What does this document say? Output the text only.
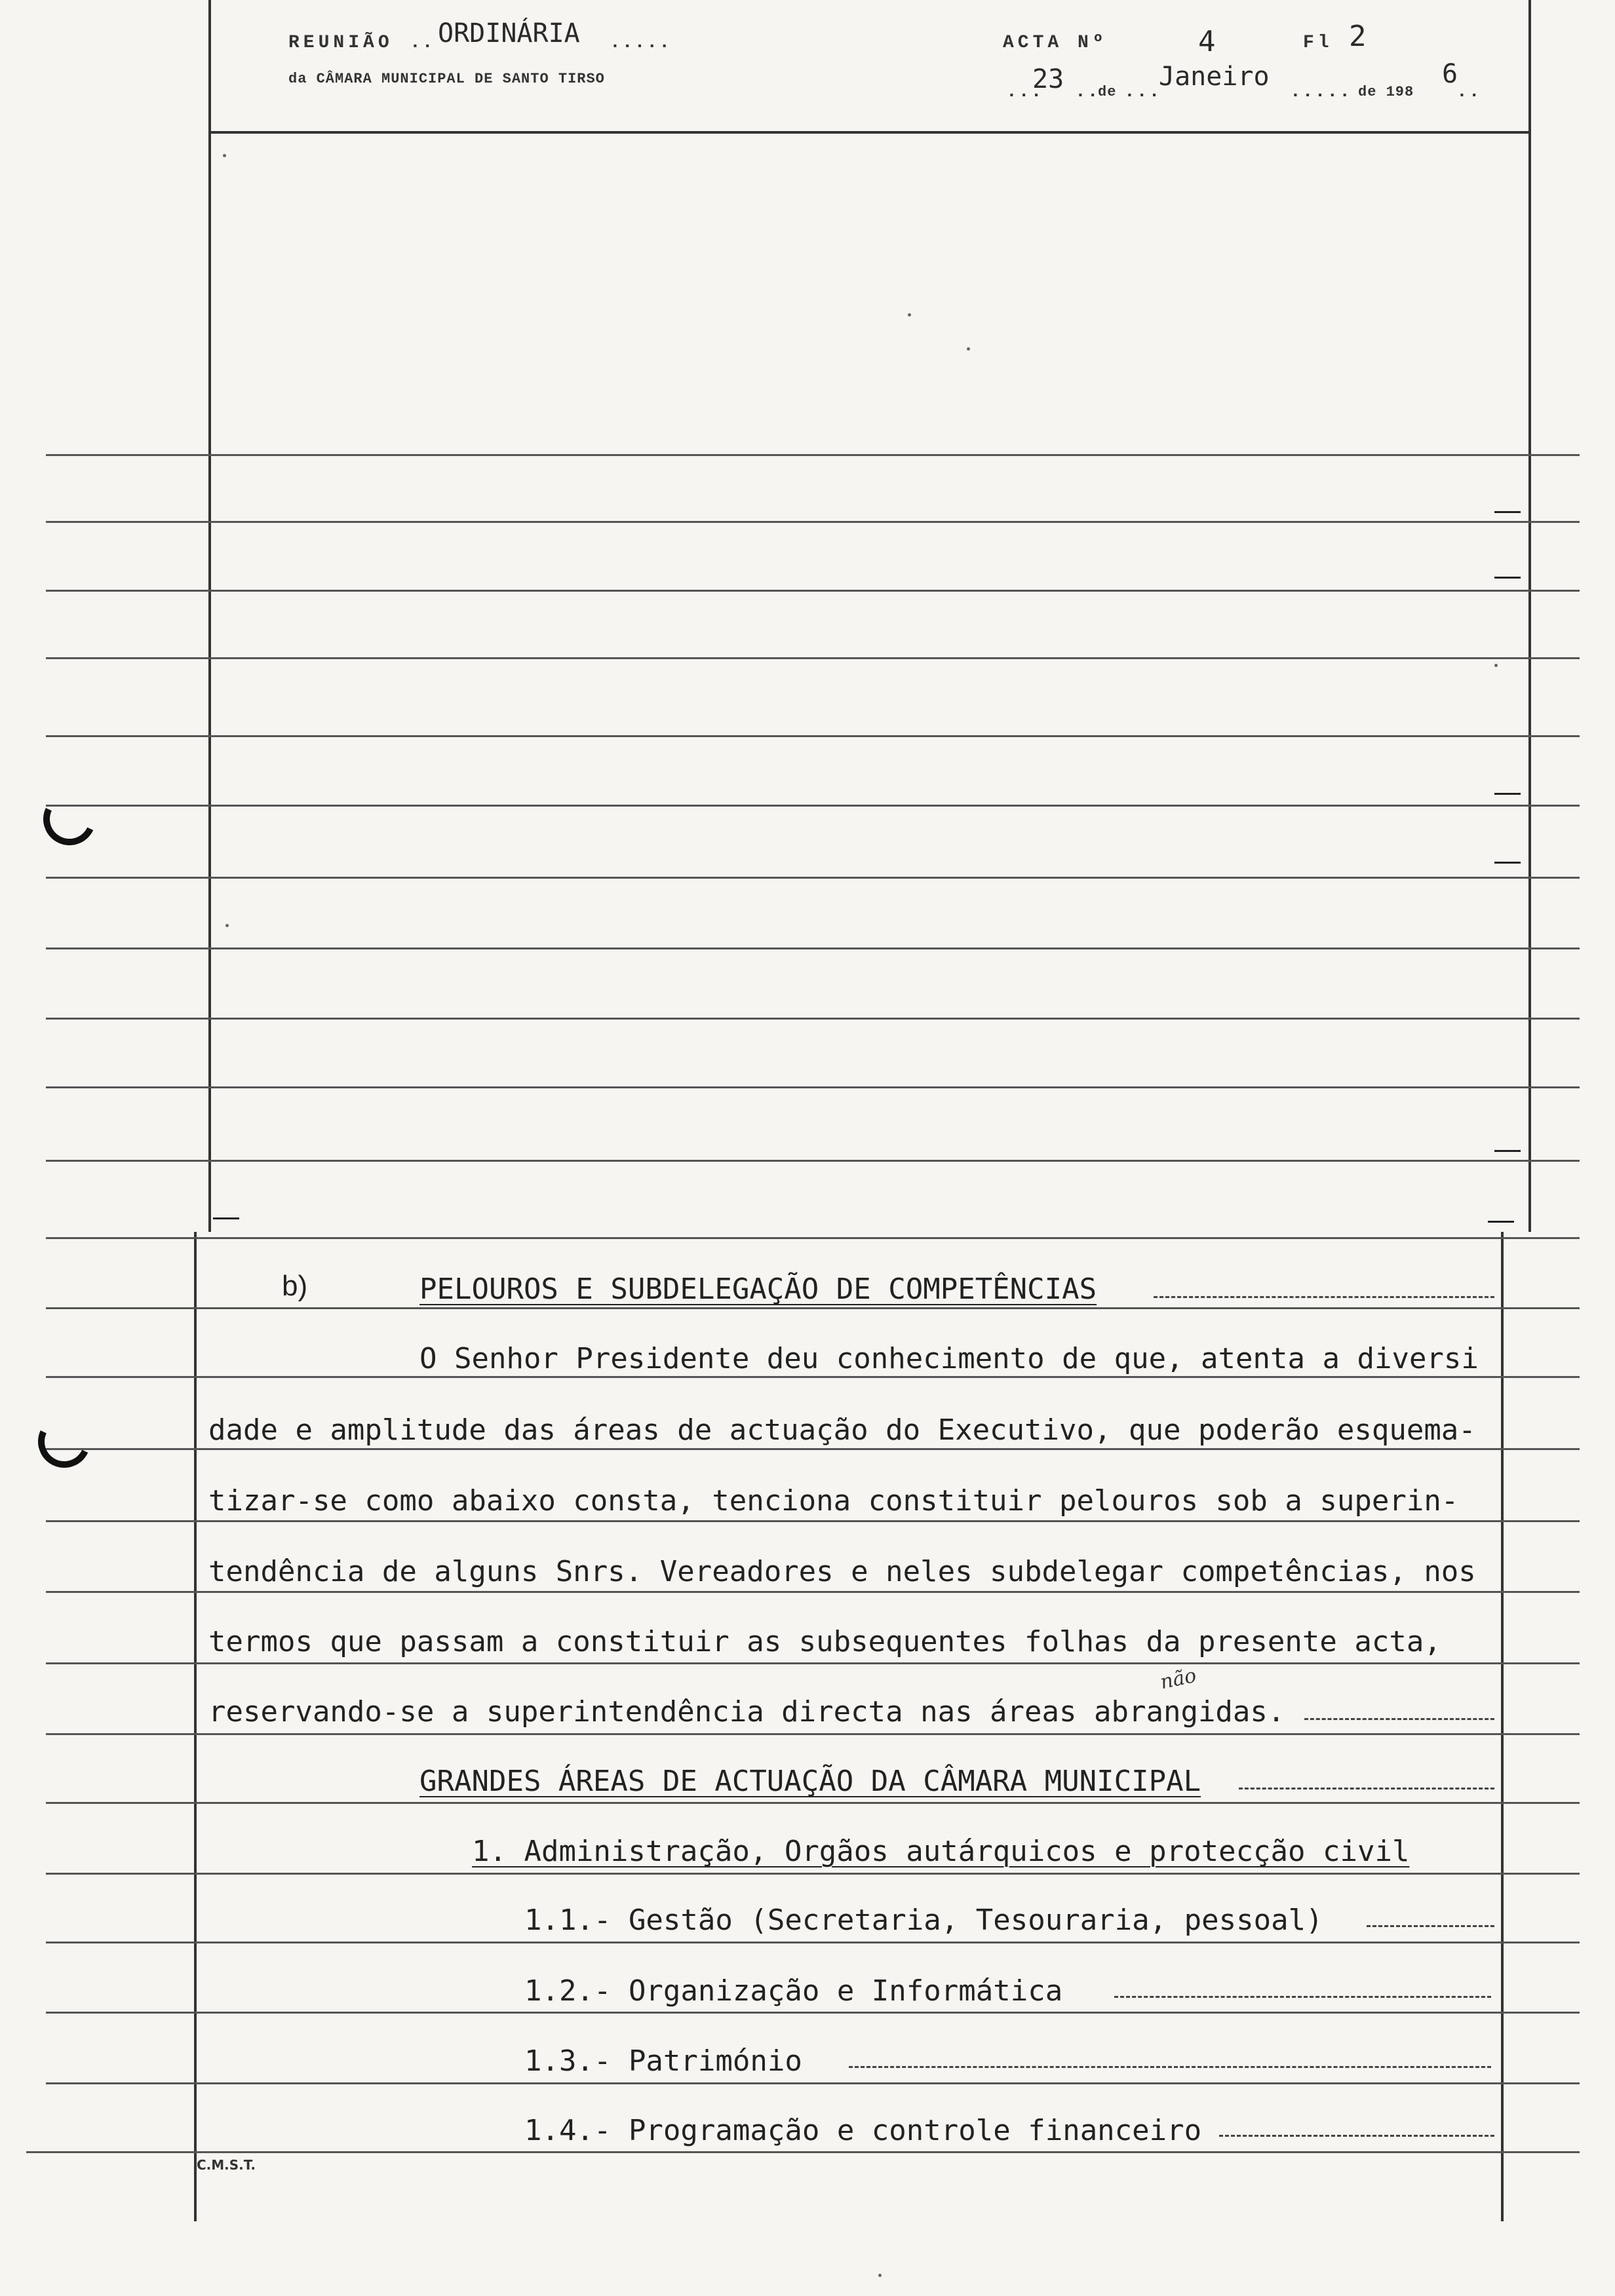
REUNIÃO .. ORDINÁRIA .....
da CÂMARA MUNICIPAL DE SANTO TIRSO
ACTA Nº	4	Fl 2
...
23 ..
de ...
Janeiro
..... de 198
6
..
b)	PELOUROS E SUBDELEGAÇÃO DE COMPETÊNCIAS
O Senhor Presidente deu conhecimento de que, atenta a diversi
dade e amplitude das áreas de actuação do Executivo, que poderão esquema-
tizar-se como abaixo consta, tenciona constituir pelouros sob a superin-
tendência de alguns Snrs. Vereadores e neles subdelegar competências, nos
termos que passam a constituir as subsequentes folhas da presente acta,
reservando-se a superintendência directa nas áreas abrangidas.
não
GRANDES ÁREAS DE ACTUAÇÃO DA CÂMARA MUNICIPAL
1. Administração, Orgãos autárquicos e protecção civil
1.1.- Gestão (Secretaria, Tesouraria, pessoal)
1.2.- Organização e Informática
1.3.- Património
1.4.- Programação e controle financeiro
C.M.S.T.
